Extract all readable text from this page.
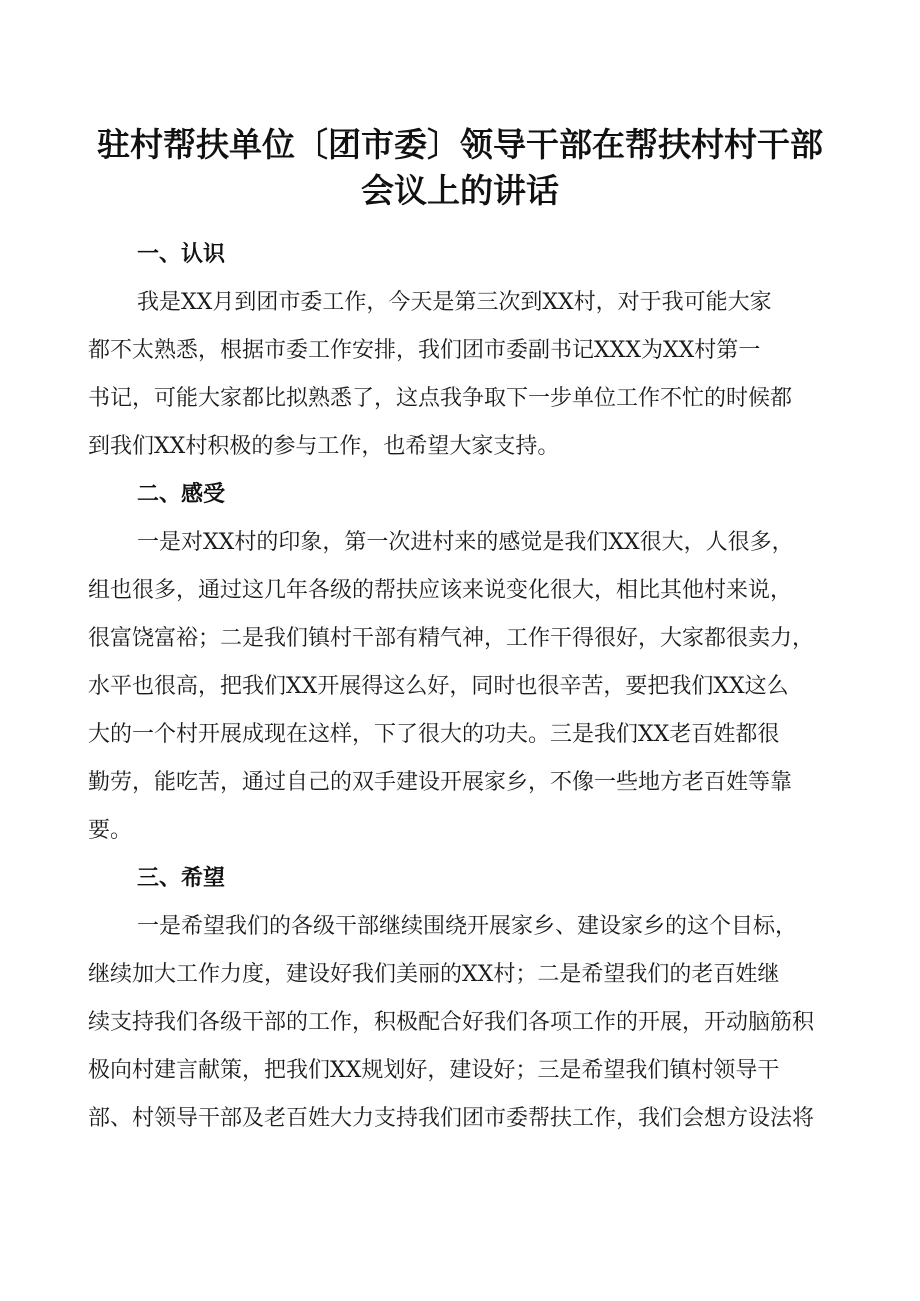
驻村帮扶单位〔团市委〕领导干部在帮扶村村干部
会议上的讲话
一、认识
我是XX月到团市委工作，今天是第三次到XX村，对于我可能大家
都不太熟悉，根据市委工作安排，我们团市委副书记XXX为XX村第一
书记，可能大家都比拟熟悉了，这点我争取下一步单位工作不忙的时候都
到我们XX村积极的参与工作，也希望大家支持。
二、感受
一是对XX村的印象，第一次进村来的感觉是我们XX很大，人很多，
组也很多，通过这几年各级的帮扶应该来说变化很大，相比其他村来说，
很富饶富裕；二是我们镇村干部有精气神，工作干得很好，大家都很卖力，
水平也很高，把我们XX开展得这么好，同时也很辛苦，要把我们XX这么
大的一个村开展成现在这样，下了很大的功夫。三是我们XX老百姓都很
勤劳，能吃苦，通过自己的双手建设开展家乡，不像一些地方老百姓等靠
要。
三、希望
一是希望我们的各级干部继续围绕开展家乡、建设家乡的这个目标，
继续加大工作力度，建设好我们美丽的XX村；二是希望我们的老百姓继
续支持我们各级干部的工作，积极配合好我们各项工作的开展，开动脑筋积
极向村建言献策，把我们XX规划好，建设好；三是希望我们镇村领导干
部、村领导干部及老百姓大力支持我们团市委帮扶工作，我们会想方设法将
